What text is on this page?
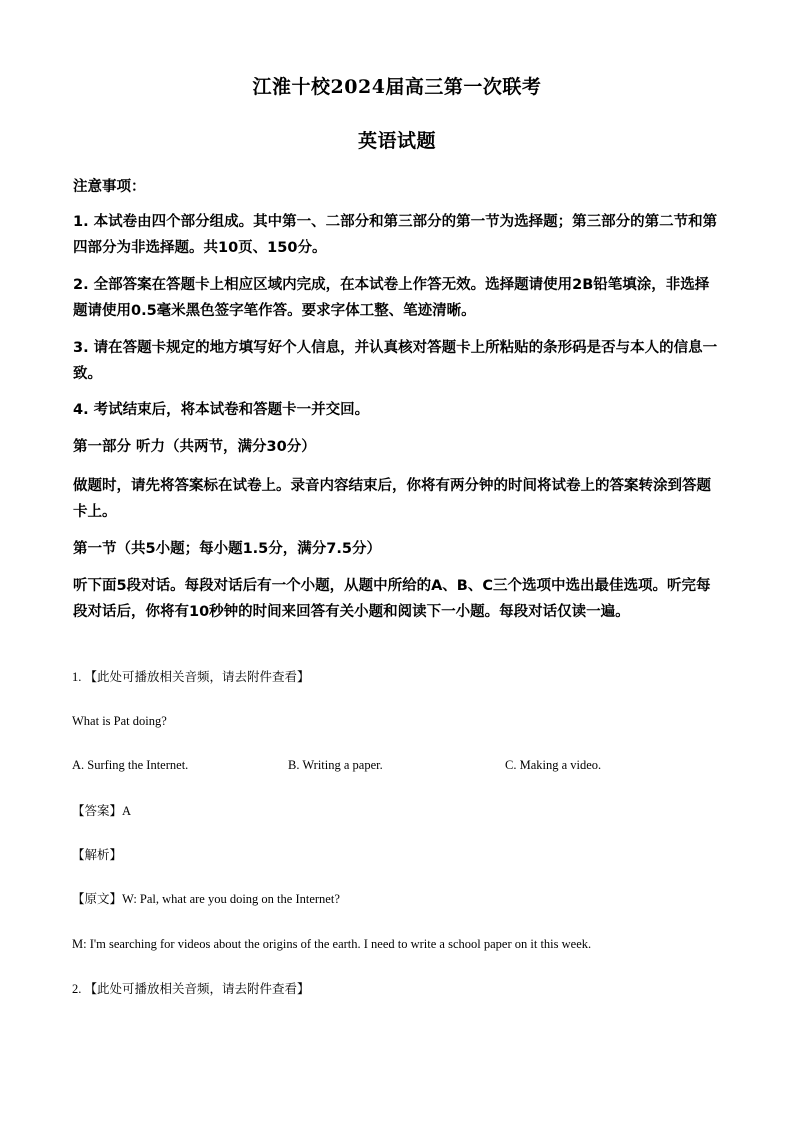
江淮十校2024届高三第一次联考
英语试题

注意事项：

1. 本试卷由四个部分组成。其中第一、二部分和第三部分的第一节为选择题；第三部分的第二节和第四部分为非选择题。共10页、150分。

2. 全部答案在答题卡上相应区域内完成，在本试卷上作答无效。选择题请使用2B铅笔填涂，非选择题请使用0.5毫米黑色签字笔作答。要求字体工整、笔迹清晰。

3. 请在答题卡规定的地方填写好个人信息，并认真核对答题卡上所粘贴的条形码是否与本人的信息一致。

4. 考试结束后，将本试卷和答题卡一并交回。

第一部分 听力（共两节，满分30分）

做题时，请先将答案标在试卷上。录音内容结束后，你将有两分钟的时间将试卷上的答案转涂到答题卡上。

第一节（共5小题；每小题1.5分，满分7.5分）

听下面5段对话。每段对话后有一个小题，从题中所给的A、B、C三个选项中选出最佳选项。听完每段对话后，你将有10秒钟的时间来回答有关小题和阅读下一小题。每段对话仅读一遍。

1. 【此处可播放相关音频，请去附件查看】

What is Pat doing?

A. Surfing the Internet.	B. Writing a paper.	C. Making a video.

【答案】A

【解析】

【原文】W: Pal, what are you doing on the Internet?

M: I'm searching for videos about the origins of the earth. I need to write a school paper on it this week.

2. 【此处可播放相关音频，请去附件查看】
